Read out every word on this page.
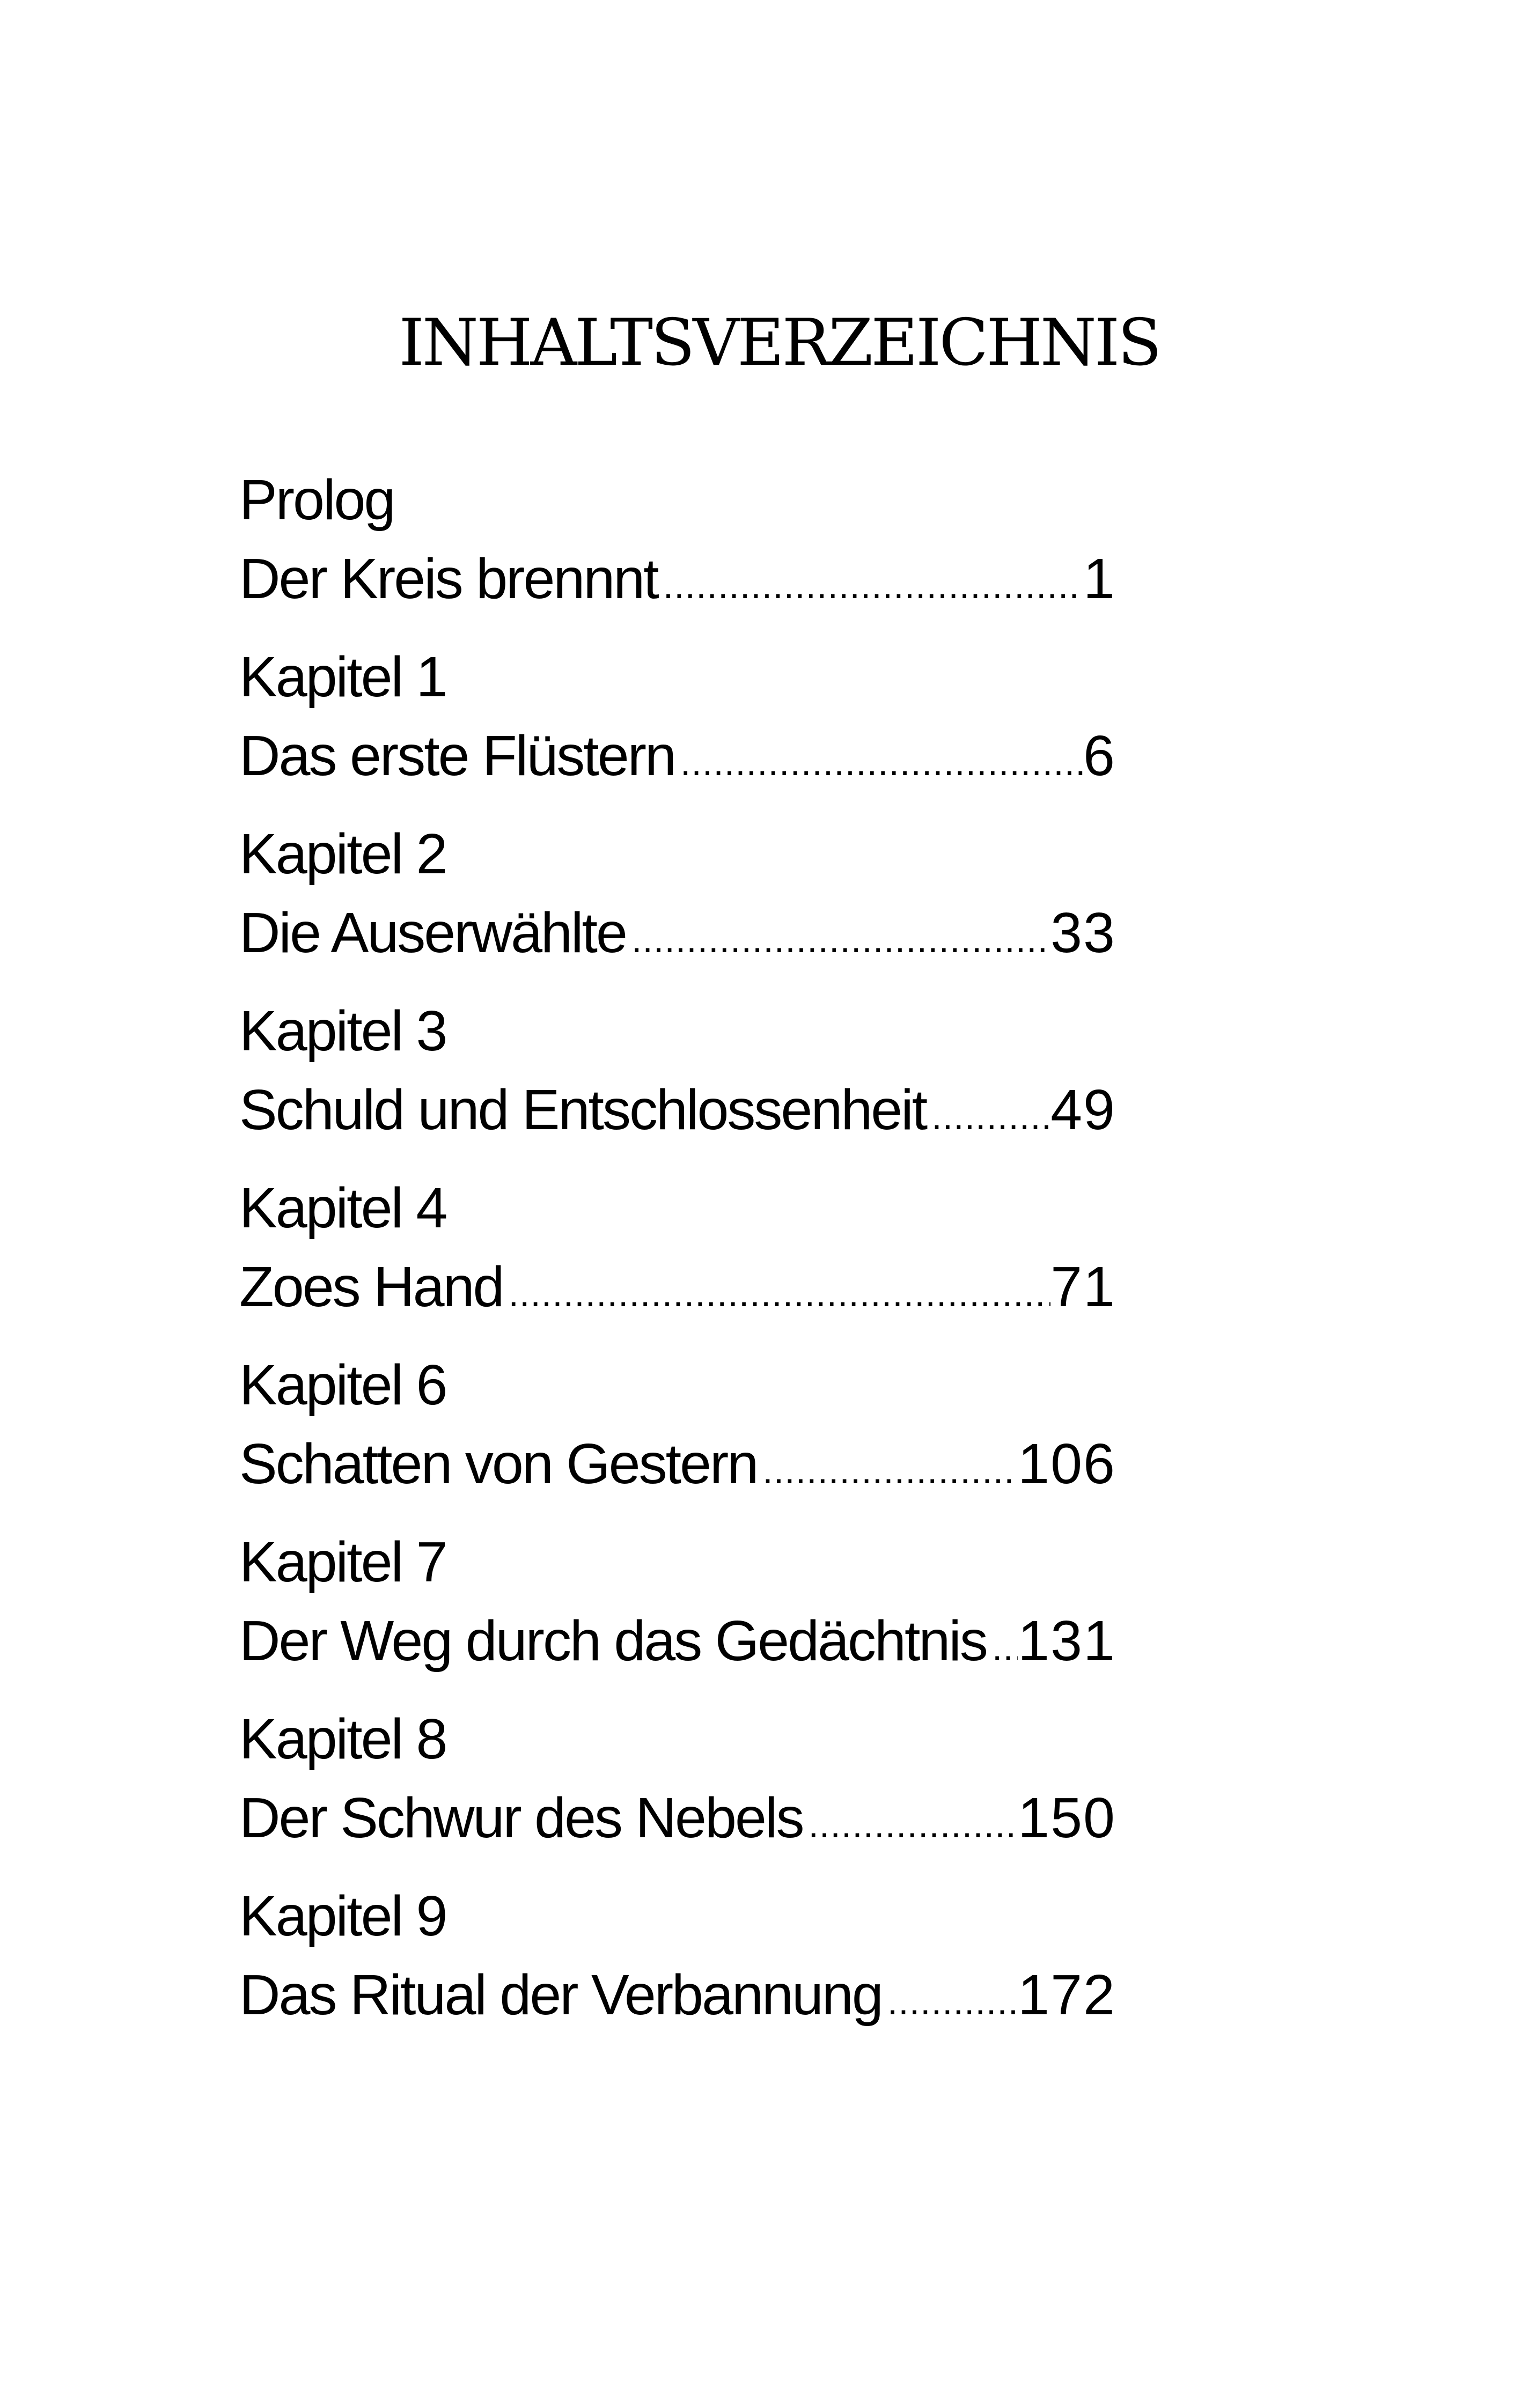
INHALTSVERZEICHNIS
Prolog
Der Kreis brennnt .....	1
Kapitel 1
Das erste Flüstern .....	6
Kapitel 2
Die Auserwählte .....	33
Kapitel 3
Schuld und Entschlossenheit ..... 49
Kapitel 4
Zoes Hand .....	71
Kapitel 6
Schatten von Gestern .....	106
Kapitel 7
Der Weg durch das Gedächtnis ..... 131
Kapitel 8
Der Schwur des Nebels .....	150
Kapitel 9
Das Ritual der Verbannung ..... 172
